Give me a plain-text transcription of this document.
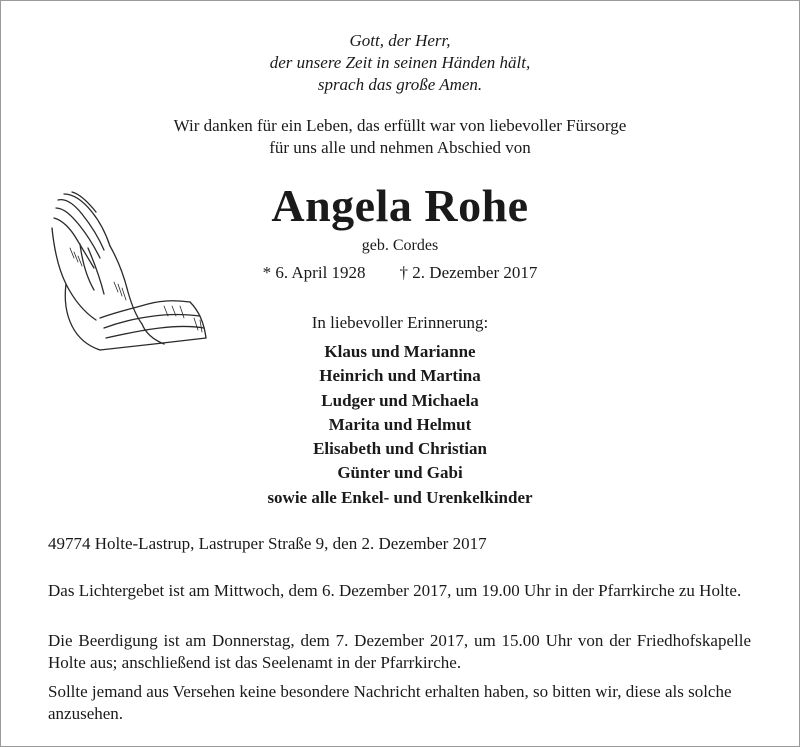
Gott, der Herr,
der unsere Zeit in seinen Händen hält,
sprach das große Amen.
Wir danken für ein Leben, das erfüllt war von liebevoller Fürsorge
für uns alle und nehmen Abschied von
Angela Rohe
geb. Cordes
* 6. April 1928 † 2. Dezember 2017
In liebevoller Erinnerung:
Klaus und Marianne
Heinrich und Martina
Ludger und Michaela
Marita und Helmut
Elisabeth und Christian
Günter und Gabi
sowie alle Enkel- und Urenkelkinder
49774 Holte-Lastrup, Lastruper Straße 9, den 2. Dezember 2017
Das Lichtergebet ist am Mittwoch, dem 6. Dezember 2017, um 19.00 Uhr in der Pfarrkirche zu Holte.
Die Beerdigung ist am Donnerstag, dem 7. Dezember 2017, um 15.00 Uhr von der Friedhofskapelle Holte aus; anschließend ist das Seelenamt in der Pfarrkirche.
Sollte jemand aus Versehen keine besondere Nachricht erhalten haben, so bitten wir, diese als solche anzusehen.
